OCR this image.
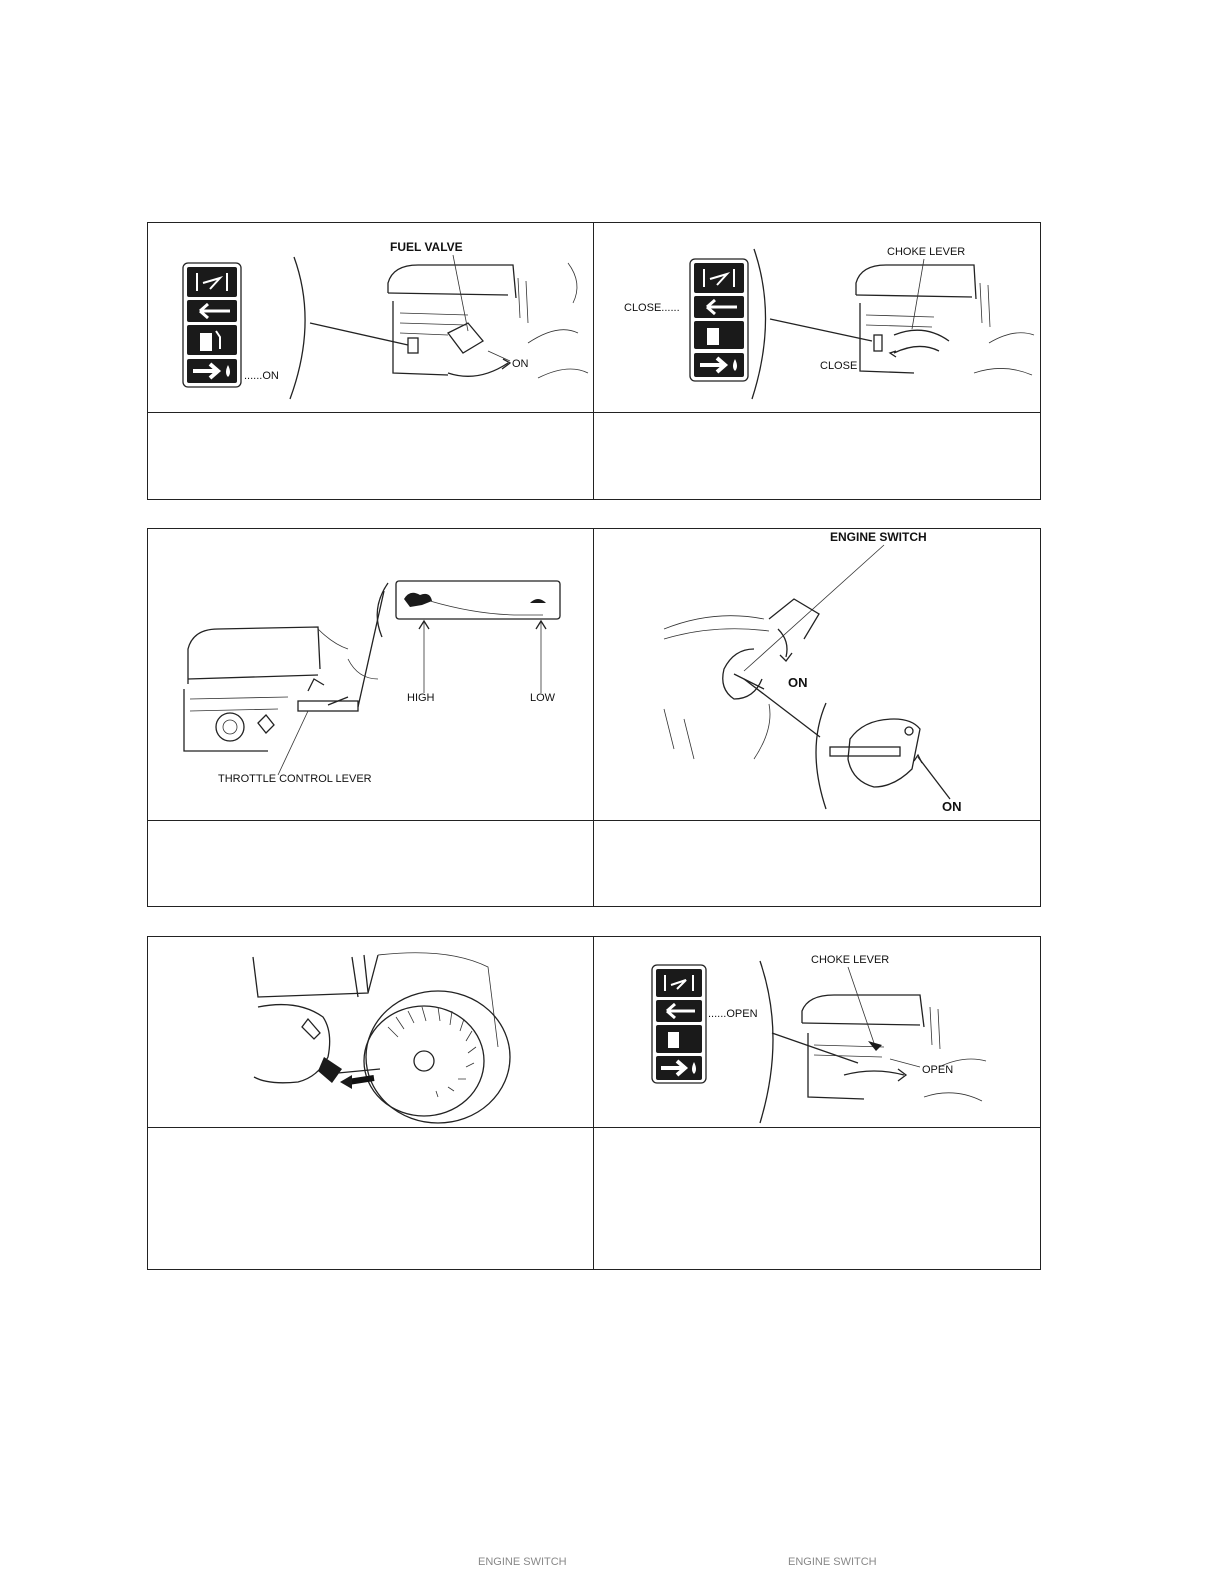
......ON
FUEL VALVE
ON
CLOSE......
CHOKE LEVER
CLOSE
HIGH	LOW
THROTTLE CONTROL LEVER
ENGINE SWITCH
ON
ON
......OPEN
CHOKE LEVER
OPEN
ENGINE SWITCH	ENGINE SWITCH
